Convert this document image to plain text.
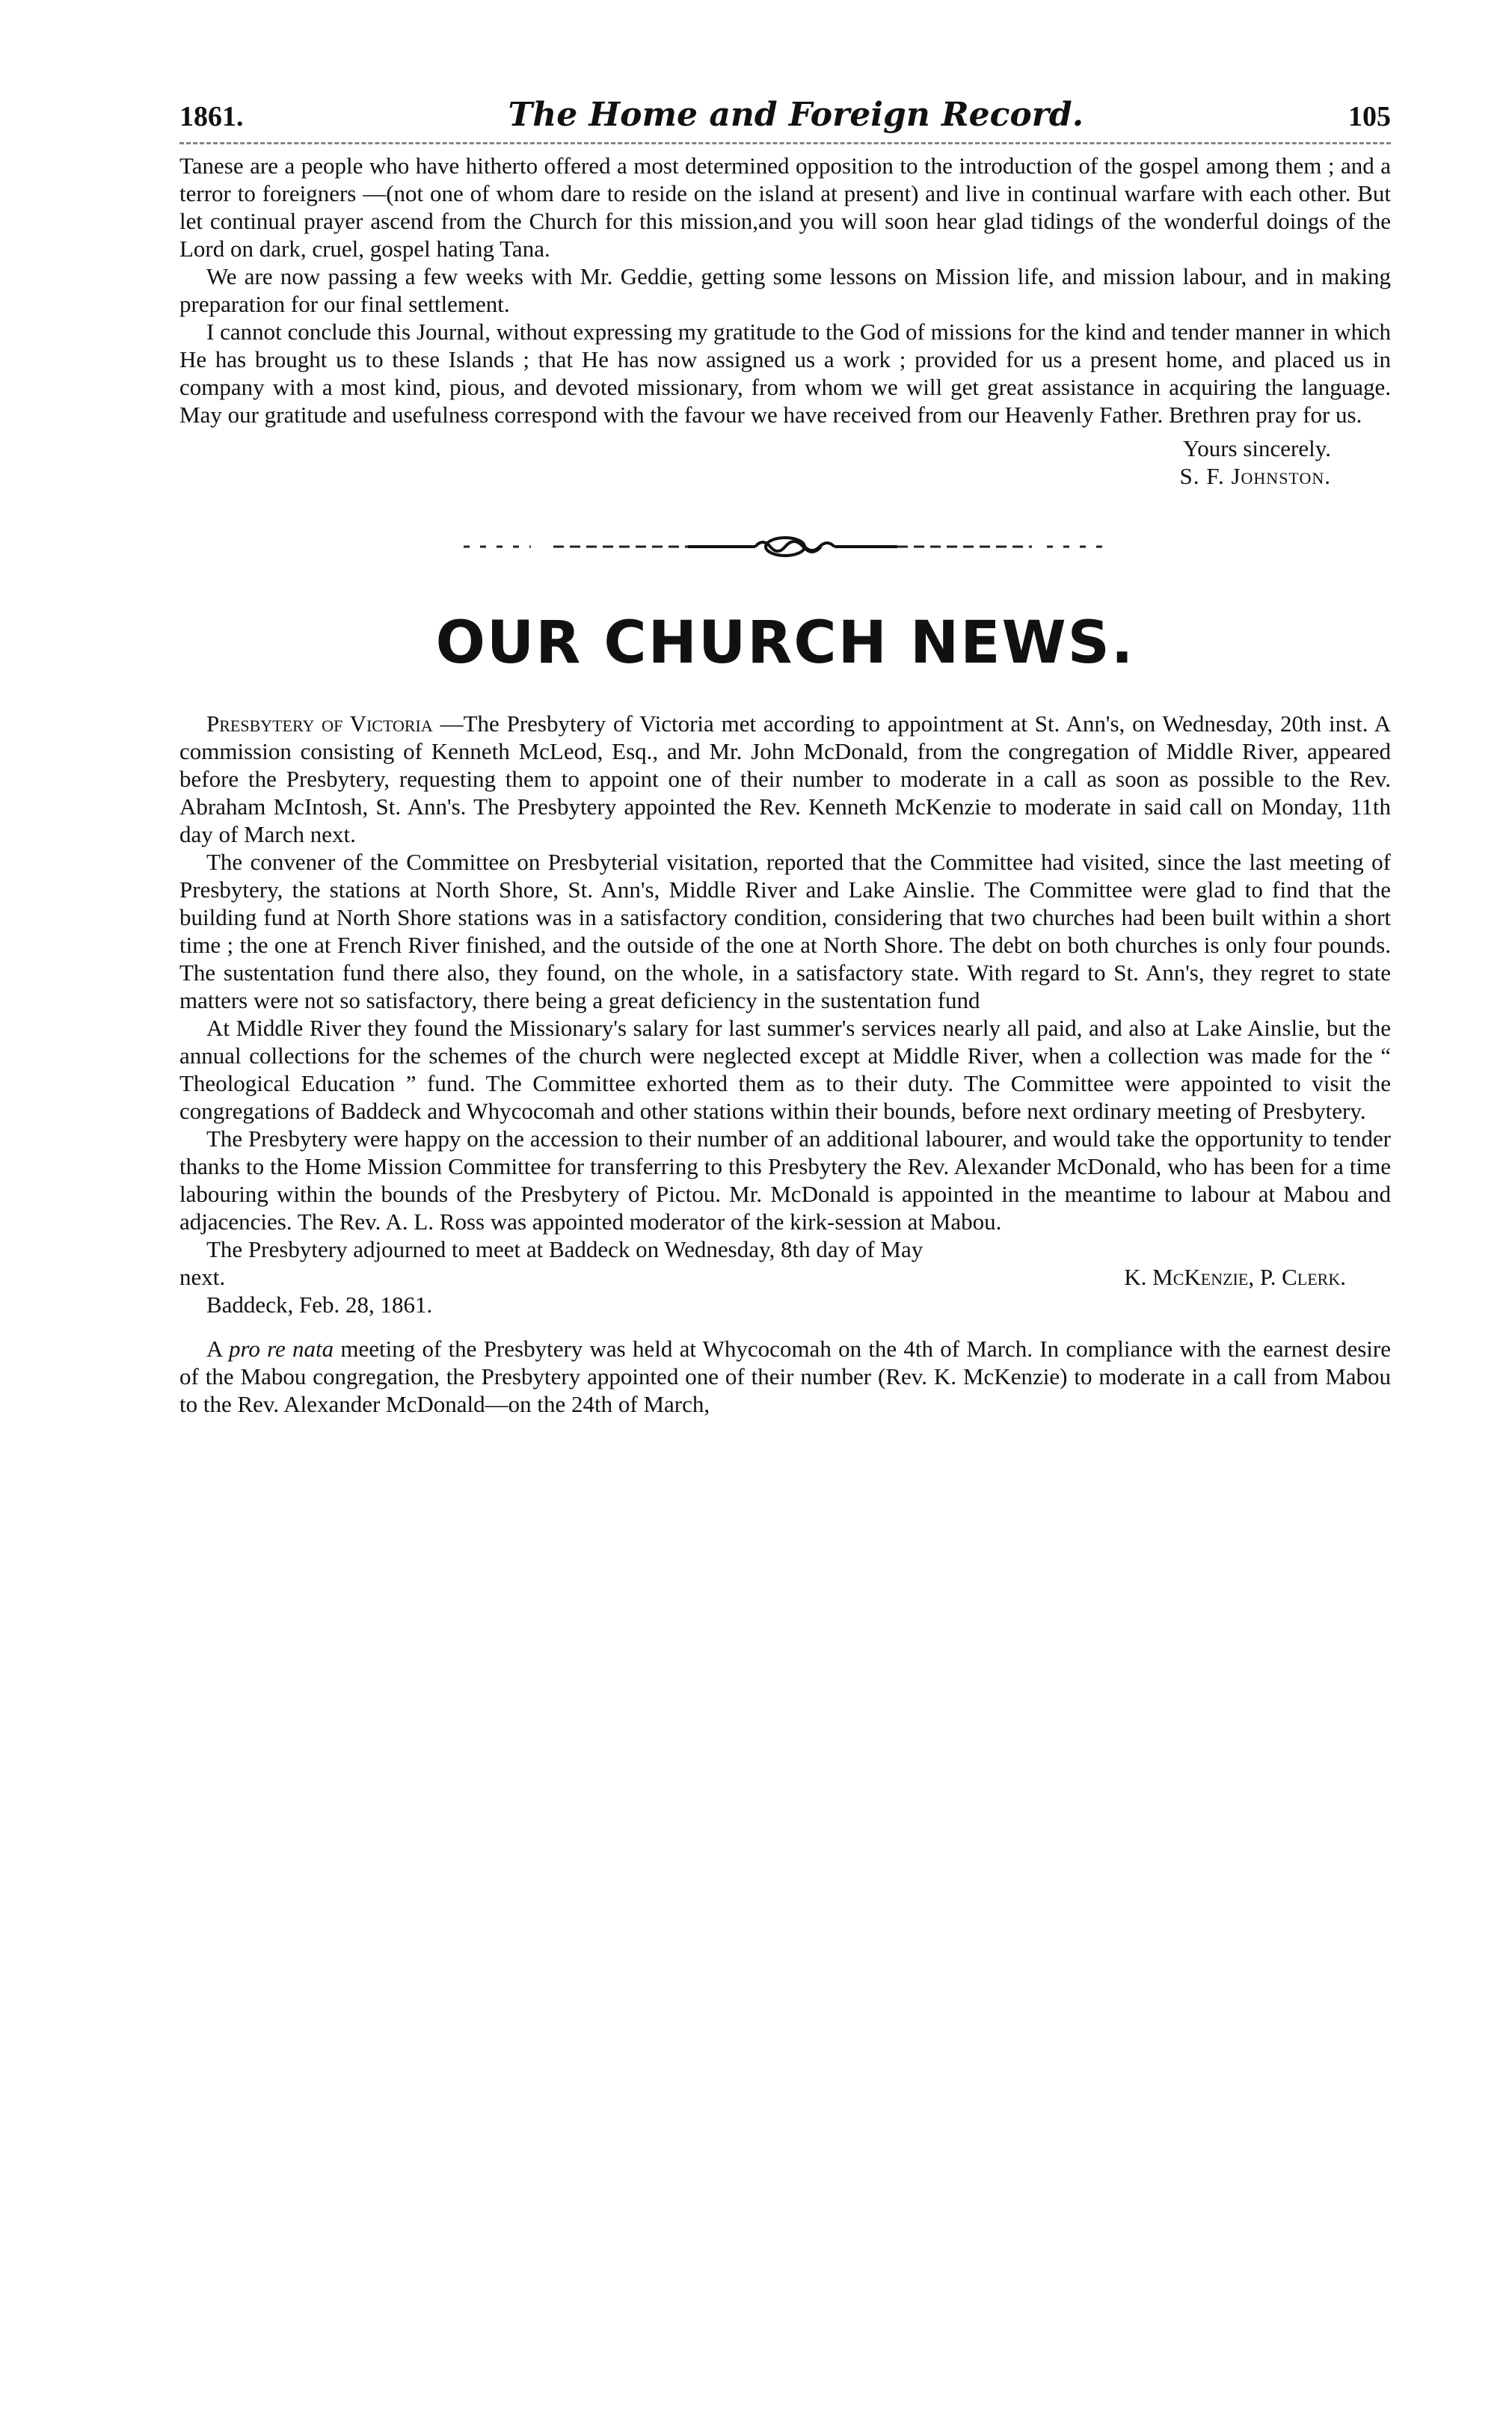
1861.	The Home and Foreign Record.	105

Tanese are a people who have hitherto offered a most determined opposition to the introduction of the gospel among them ; and a terror to foreigners —(not one of whom dare to reside on the island at present) and live in continual warfare with each other. But let continual prayer ascend from the Church for this mission,and you will soon hear glad tidings of the wonderful doings of the Lord on dark, cruel, gospel hating Tana.

We are now passing a few weeks with Mr. Geddie, getting some lessons on Mission life, and mission labour, and in making preparation for our final settlement.

I cannot conclude this Journal, without expressing my gratitude to the God of missions for the kind and tender manner in which He has brought us to these Islands ; that He has now assigned us a work ; provided for us a present home, and placed us in company with a most kind, pious, and devoted missionary, from whom we will get great assistance in acquiring the language. May our gratitude and usefulness correspond with the favour we have received from our Heavenly Father. Brethren pray for us.

Yours sincerely.
S. F. Johnston.
OUR CHURCH NEWS.

Presbytery of Victoria —The Presbytery of Victoria met according to appointment at St. Ann's, on Wednesday, 20th inst. A commission consisting of Kenneth McLeod, Esq., and Mr. John McDonald, from the congregation of Middle River, appeared before the Presbytery, requesting them to appoint one of their number to moderate in a call as soon as possible to the Rev. Abraham McIntosh, St. Ann's. The Presbytery appointed the Rev. Kenneth McKenzie to moderate in said call on Monday, 11th day of March next.

The convener of the Committee on Presbyterial visitation, reported that the Committee had visited, since the last meeting of Presbytery, the stations at North Shore, St. Ann's, Middle River and Lake Ainslie. The Committee were glad to find that the building fund at North Shore stations was in a satisfactory condition, considering that two churches had been built within a short time ; the one at French River finished, and the outside of the one at North Shore. The debt on both churches is only four pounds. The sustentation fund there also, they found, on the whole, in a satisfactory state. With regard to St. Ann's, they regret to state matters were not so satisfactory, there being a great deficiency in the sustentation fund

At Middle River they found the Missionary's salary for last summer's services nearly all paid, and also at Lake Ainslie, but the annual collections for the schemes of the church were neglected except at Middle River, when a collection was made for the “ Theological Education ” fund. The Committee exhorted them as to their duty. The Committee were appointed to visit the congregations of Baddeck and Whycocomah and other stations within their bounds, before next ordinary meeting of Presbytery.

The Presbytery were happy on the accession to their number of an additional labourer, and would take the opportunity to tender thanks to the Home Mission Committee for transferring to this Presbytery the Rev. Alexander McDonald, who has been for a time labouring within the bounds of the Presbytery of Pictou. Mr. McDonald is appointed in the meantime to labour at Mabou and adjacencies. The Rev. A. L. Ross was appointed moderator of the kirk-session at Mabou.

The Presbytery adjourned to meet at Baddeck on Wednesday, 8th day of May

next.	K. McKenzie, P. Clerk.

Baddeck, Feb. 28, 1861.

A pro re nata meeting of the Presbytery was held at Whycocomah on the 4th of March. In compliance with the earnest desire of the Mabou congregation, the Presbytery appointed one of their number (Rev. K. McKenzie) to moderate in a call from Mabou to the Rev. Alexander McDonald—on the 24th of March,
